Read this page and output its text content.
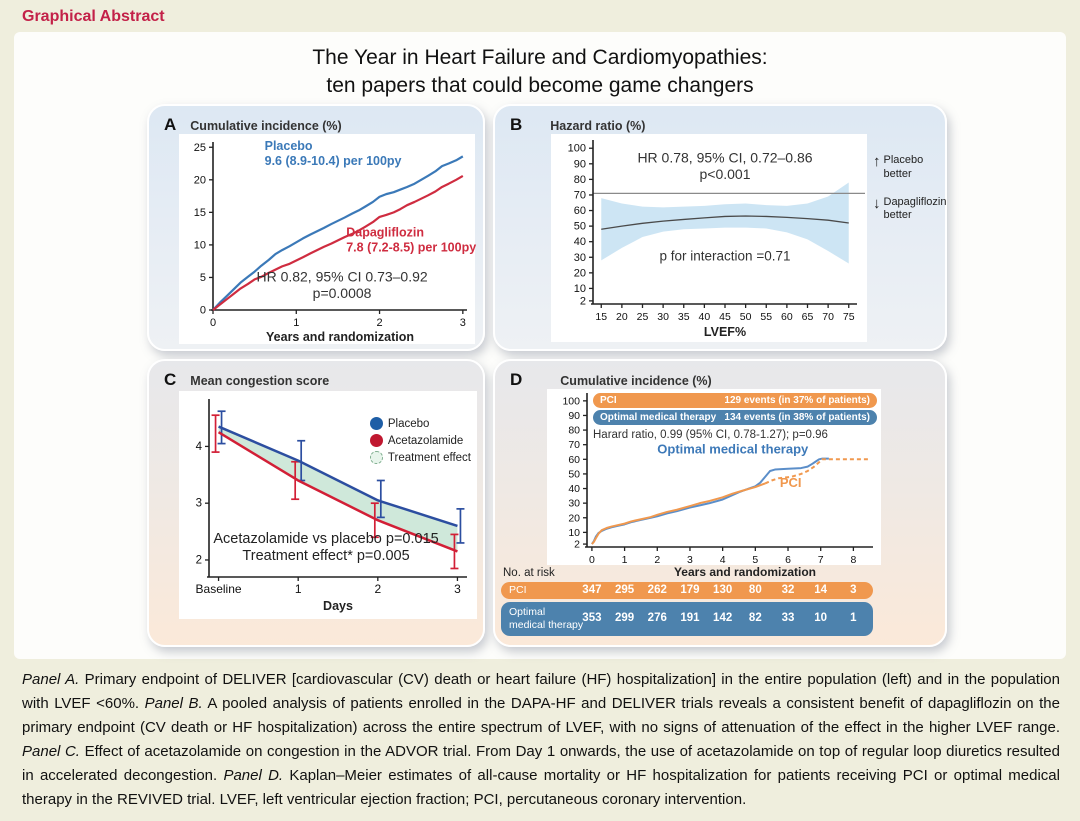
Graphical Abstract
The Year in Heart Failure and Cardiomyopathies:
ten papers that could become game changers
A Cumulative incidence (%)
0
5
10
15
20
25
0	1	2	3
Years and randomization
Placebo
9.6 (8.9-10.4) per 100py
Dapagliflozin
7.8 (7.2-8.5) per 100py
HR 0.82, 95% CI 0.73–0.92
p=0.0008
B Hazard ratio (%)
2
10
20
30
40
50
60
70
80
90
100
15 20 25 30 35 40 45 50 55 60 65 70 75
LVEF%
HR 0.78, 95% CI, 0.72–0.86
p<0.001
p for interaction =0.71
↑ Placebo
better
↓ Dapagliflozin
better
C Mean congestion score
2
3
4
Baseline	1	2	3
Days
Acetazolamide vs placebo p=0.015
Treatment effect* p=0.005
Placebo
Acetazolamide
Treatment effect
D	Cumulative incidence (%)
2
10
20
30
40
50
60
70
80
90
100
0	1	2	3	4	5	6	7	8
Optimal medical therapy
PCI
PCI	129 events (in 37% of patients)
Optimal medical therapy 134 events (in 38% of patients)
Harard ratio, 0.99 (95% CI, 0.78-1.27); p=0.96
No. at risk	Years and randomization
PCI	347	295	262	179	130	80	32	14	3
Optimal
medical therapy
353	299	276	191	142	82	33	10	1

Panel A. Primary endpoint of DELIVER [cardiovascular (CV) death or heart failure (HF) hospitalization] in the entire population (left) and in the population with LVEF <60%. Panel B. A pooled analysis of patients enrolled in the DAPA-HF and DELIVER trials reveals a consistent benefit of dapagliflozin on the primary endpoint (CV death or HF hospitalization) across the entire spectrum of LVEF, with no signs of attenuation of the effect in the higher LVEF range. Panel C. Effect of acetazolamide on congestion in the ADVOR trial. From Day 1 onwards, the use of acetazolamide on top of regular loop diuretics resulted in accelerated decongestion. Panel D. Kaplan–Meier estimates of all-cause mortality or HF hospitalization for patients receiving PCI or optimal medical therapy in the REVIVED trial. LVEF, left ventricular ejection fraction; PCI, percutaneous coronary intervention.
